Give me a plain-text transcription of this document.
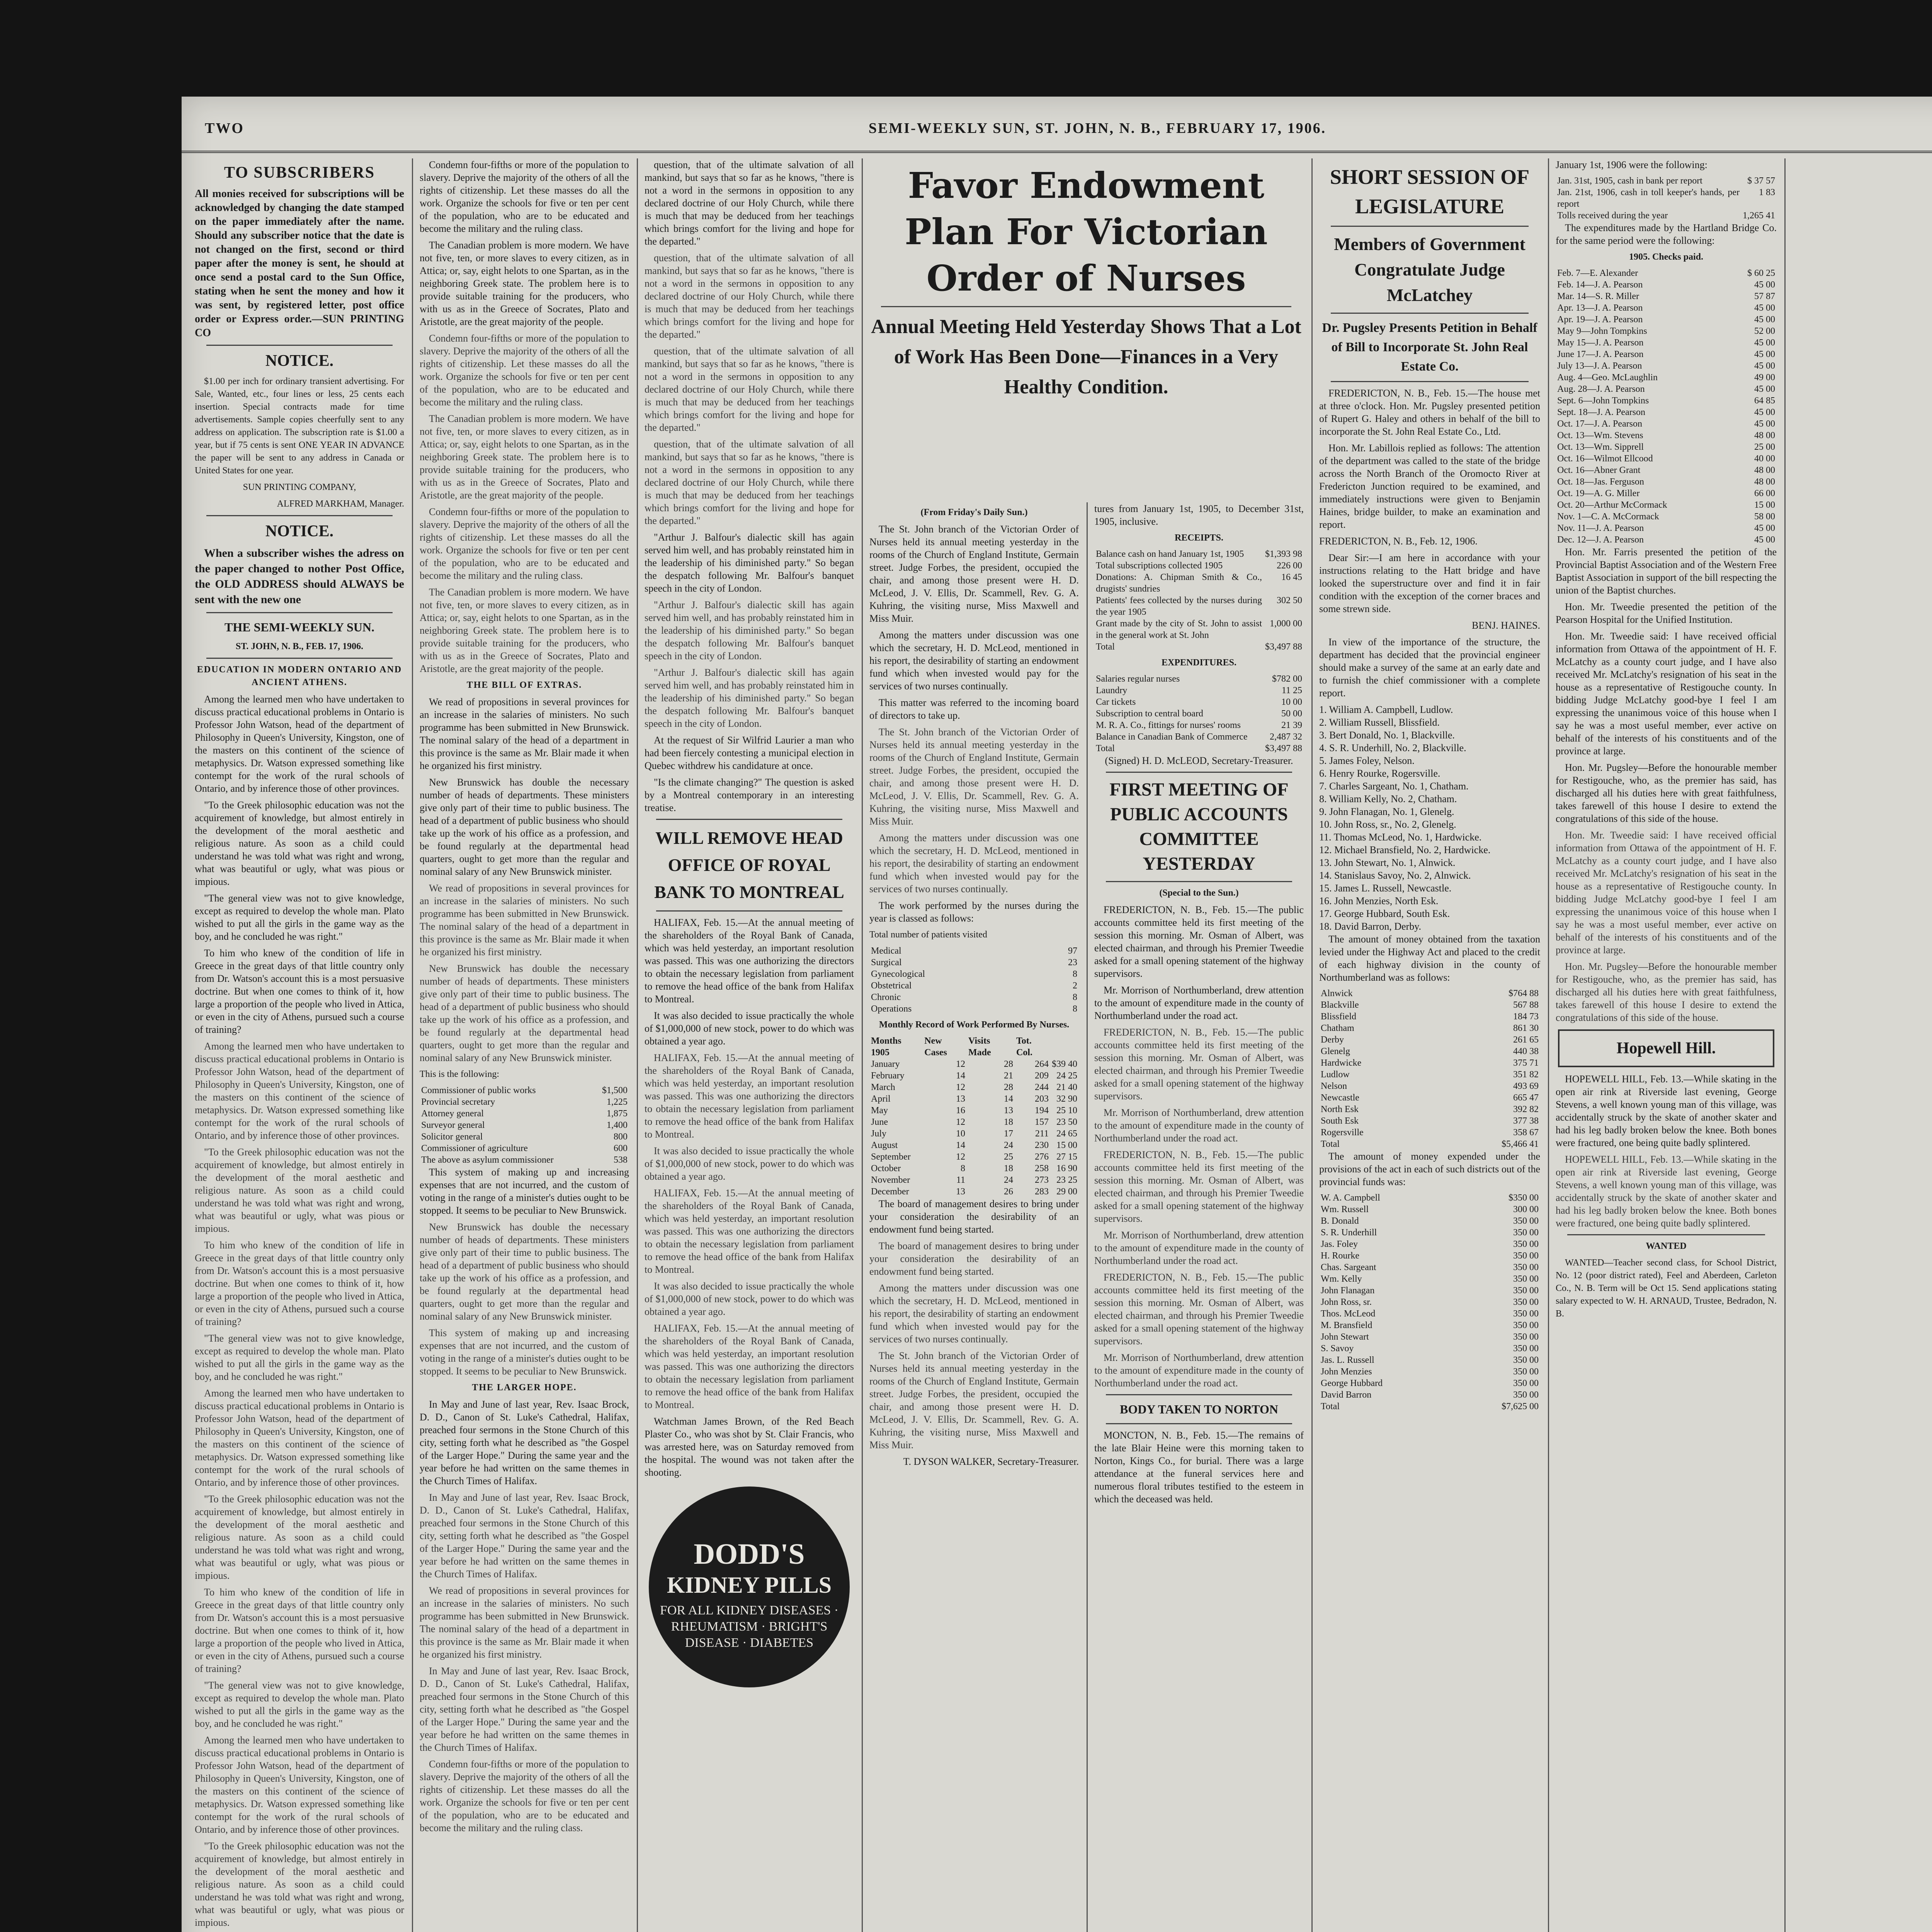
TWO	SEMI-WEEKLY SUN, ST. JOHN, N. B., FEBRUARY 17, 1906.
TO SUBSCRIBERS

All monies received for subscriptions will be acknowledged by changing the date stamped on the paper immediately after the name. Should any subscriber notice that the date is not changed on the first, second or third paper after the money is sent, he should at once send a postal card to the Sun Office, stating when he sent the money and how it was sent, by registered letter, post office order or Express order.—SUN PRINTING CO

NOTICE.

$1.00 per inch for ordinary transient advertising. For Sale, Wanted, etc., four lines or less, 25 cents each insertion. Special contracts made for time advertisements. Sample copies cheerfully sent to any address on application. The subscription rate is $1.00 a year, but if 75 cents is sent ONE YEAR IN ADVANCE the paper will be sent to any address in Canada or United States for one year.

SUN PRINTING COMPANY,

ALFRED MARKHAM, Manager.

NOTICE.

When a subscriber wishes the adress on the paper changed to nother Post Office, the OLD ADDRESS should ALWAYS be sent with the new one

THE SEMI-WEEKLY SUN.
ST. JOHN, N. B., FEB. 17, 1906.
EDUCATION IN MODERN ONTARIO AND ANCIENT ATHENS.

Among the learned men who have undertaken to discuss practical educational problems in Ontario is Professor John Watson, head of the department of Philosophy in Queen's University, Kingston, one of the masters on this continent of the science of metaphysics. Dr. Watson expressed something like contempt for the work of the rural schools of Ontario, and by inference those of other provinces.

"To the Greek philosophic education was not the acquirement of knowledge, but almost entirely in the development of the moral aesthetic and religious nature. As soon as a child could understand he was told what was right and wrong, what was beautiful or ugly, what was pious or impious.

"The general view was not to give knowledge, except as required to develop the whole man. Plato wished to put all the girls in the game way as the boy, and he concluded he was right."

To him who knew of the condition of life in Greece in the great days of that little country only from Dr. Watson's account this is a most persuasive doctrine. But when one comes to think of it, how large a proportion of the people who lived in Attica, or even in the city of Athens, pursued such a course of training?

Among the learned men who have undertaken to discuss practical educational problems in Ontario is Professor John Watson, head of the department of Philosophy in Queen's University, Kingston, one of the masters on this continent of the science of metaphysics. Dr. Watson expressed something like contempt for the work of the rural schools of Ontario, and by inference those of other provinces.

"To the Greek philosophic education was not the acquirement of knowledge, but almost entirely in the development of the moral aesthetic and religious nature. As soon as a child could understand he was told what was right and wrong, what was beautiful or ugly, what was pious or impious.

To him who knew of the condition of life in Greece in the great days of that little country only from Dr. Watson's account this is a most persuasive doctrine. But when one comes to think of it, how large a proportion of the people who lived in Attica, or even in the city of Athens, pursued such a course of training?

"The general view was not to give knowledge, except as required to develop the whole man. Plato wished to put all the girls in the game way as the boy, and he concluded he was right."

Among the learned men who have undertaken to discuss practical educational problems in Ontario is Professor John Watson, head of the department of Philosophy in Queen's University, Kingston, one of the masters on this continent of the science of metaphysics. Dr. Watson expressed something like contempt for the work of the rural schools of Ontario, and by inference those of other provinces.

"To the Greek philosophic education was not the acquirement of knowledge, but almost entirely in the development of the moral aesthetic and religious nature. As soon as a child could understand he was told what was right and wrong, what was beautiful or ugly, what was pious or impious.

To him who knew of the condition of life in Greece in the great days of that little country only from Dr. Watson's account this is a most persuasive doctrine. But when one comes to think of it, how large a proportion of the people who lived in Attica, or even in the city of Athens, pursued such a course of training?

"The general view was not to give knowledge, except as required to develop the whole man. Plato wished to put all the girls in the game way as the boy, and he concluded he was right."

Among the learned men who have undertaken to discuss practical educational problems in Ontario is Professor John Watson, head of the department of Philosophy in Queen's University, Kingston, one of the masters on this continent of the science of metaphysics. Dr. Watson expressed something like contempt for the work of the rural schools of Ontario, and by inference those of other provinces.

"To the Greek philosophic education was not the acquirement of knowledge, but almost entirely in the development of the moral aesthetic and religious nature. As soon as a child could understand he was told what was right and wrong, what was beautiful or ugly, what was pious or impious.

Condemn four-fifths or more of the population to slavery. Deprive the majority of the others of all the rights of citizenship. Let these masses do all the work. Organize the schools for five or ten per cent of the population, who are to be educated and become the military and the ruling class.

The Canadian problem is more modern. We have not five, ten, or more slaves to every citizen, as in Attica; or, say, eight helots to one Spartan, as in the neighboring Greek state. The problem here is to provide suitable training for the producers, who with us as in the Greece of Socrates, Plato and Aristotle, are the great majority of the people.

Condemn four-fifths or more of the population to slavery. Deprive the majority of the others of all the rights of citizenship. Let these masses do all the work. Organize the schools for five or ten per cent of the population, who are to be educated and become the military and the ruling class.

The Canadian problem is more modern. We have not five, ten, or more slaves to every citizen, as in Attica; or, say, eight helots to one Spartan, as in the neighboring Greek state. The problem here is to provide suitable training for the producers, who with us as in the Greece of Socrates, Plato and Aristotle, are the great majority of the people.

Condemn four-fifths or more of the population to slavery. Deprive the majority of the others of all the rights of citizenship. Let these masses do all the work. Organize the schools for five or ten per cent of the population, who are to be educated and become the military and the ruling class.

The Canadian problem is more modern. We have not five, ten, or more slaves to every citizen, as in Attica; or, say, eight helots to one Spartan, as in the neighboring Greek state. The problem here is to provide suitable training for the producers, who with us as in the Greece of Socrates, Plato and Aristotle, are the great majority of the people.

THE BILL OF EXTRAS.

We read of propositions in several provinces for an increase in the salaries of ministers. No such programme has been submitted in New Brunswick. The nominal salary of the head of a department in this province is the same as Mr. Blair made it when he organized his first ministry.

New Brunswick has double the necessary number of heads of departments. These ministers give only part of their time to public business. The head of a department of public business who should take up the work of his office as a profession, and be found regularly at the departmental head quarters, ought to get more than the regular and nominal salary of any New Brunswick minister.

We read of propositions in several provinces for an increase in the salaries of ministers. No such programme has been submitted in New Brunswick. The nominal salary of the head of a department in this province is the same as Mr. Blair made it when he organized his first ministry.

New Brunswick has double the necessary number of heads of departments. These ministers give only part of their time to public business. The head of a department of public business who should take up the work of his office as a profession, and be found regularly at the departmental head quarters, ought to get more than the regular and nominal salary of any New Brunswick minister.

This is the following:

Commissioner of public works	$1,500
Provincial secretary	1,225
Attorney general	1,875
Surveyor general	1,400
Solicitor general	800
Commissioner of agriculture	600
The above as asylum commissioner	538

This system of making up and increasing expenses that are not incurred, and the custom of voting in the range of a minister's duties ought to be stopped. It seems to be peculiar to New Brunswick.

New Brunswick has double the necessary number of heads of departments. These ministers give only part of their time to public business. The head of a department of public business who should take up the work of his office as a profession, and be found regularly at the departmental head quarters, ought to get more than the regular and nominal salary of any New Brunswick minister.

This system of making up and increasing expenses that are not incurred, and the custom of voting in the range of a minister's duties ought to be stopped. It seems to be peculiar to New Brunswick.

THE LARGER HOPE.

In May and June of last year, Rev. Isaac Brock, D. D., Canon of St. Luke's Cathedral, Halifax, preached four sermons in the Stone Church of this city, setting forth what he described as "the Gospel of the Larger Hope." During the same year and the year before he had written on the same themes in the Church Times of Halifax.

In May and June of last year, Rev. Isaac Brock, D. D., Canon of St. Luke's Cathedral, Halifax, preached four sermons in the Stone Church of this city, setting forth what he described as "the Gospel of the Larger Hope." During the same year and the year before he had written on the same themes in the Church Times of Halifax.

We read of propositions in several provinces for an increase in the salaries of ministers. No such programme has been submitted in New Brunswick. The nominal salary of the head of a department in this province is the same as Mr. Blair made it when he organized his first ministry.

In May and June of last year, Rev. Isaac Brock, D. D., Canon of St. Luke's Cathedral, Halifax, preached four sermons in the Stone Church of this city, setting forth what he described as "the Gospel of the Larger Hope." During the same year and the year before he had written on the same themes in the Church Times of Halifax.

Condemn four-fifths or more of the population to slavery. Deprive the majority of the others of all the rights of citizenship. Let these masses do all the work. Organize the schools for five or ten per cent of the population, who are to be educated and become the military and the ruling class.

question, that of the ultimate salvation of all mankind, but says that so far as he knows, "there is not a word in the sermons in opposition to any declared doctrine of our Holy Church, while there is much that may be deduced from her teachings which brings comfort for the living and hope for the departed."

question, that of the ultimate salvation of all mankind, but says that so far as he knows, "there is not a word in the sermons in opposition to any declared doctrine of our Holy Church, while there is much that may be deduced from her teachings which brings comfort for the living and hope for the departed."

question, that of the ultimate salvation of all mankind, but says that so far as he knows, "there is not a word in the sermons in opposition to any declared doctrine of our Holy Church, while there is much that may be deduced from her teachings which brings comfort for the living and hope for the departed."

question, that of the ultimate salvation of all mankind, but says that so far as he knows, "there is not a word in the sermons in opposition to any declared doctrine of our Holy Church, while there is much that may be deduced from her teachings which brings comfort for the living and hope for the departed."

"Arthur J. Balfour's dialectic skill has again served him well, and has probably reinstated him in the leadership of his diminished party." So began the despatch following Mr. Balfour's banquet speech in the city of London.

"Arthur J. Balfour's dialectic skill has again served him well, and has probably reinstated him in the leadership of his diminished party." So began the despatch following Mr. Balfour's banquet speech in the city of London.

"Arthur J. Balfour's dialectic skill has again served him well, and has probably reinstated him in the leadership of his diminished party." So began the despatch following Mr. Balfour's banquet speech in the city of London.

At the request of Sir Wilfrid Laurier a man who had been fiercely contesting a municipal election in Quebec withdrew his candidature at once.

"Is the climate changing?" The question is asked by a Montreal contemporary in an interesting treatise.

WILL REMOVE HEAD OFFICE OF ROYAL BANK TO MONTREAL

HALIFAX, Feb. 15.—At the annual meeting of the shareholders of the Royal Bank of Canada, which was held yesterday, an important resolution was passed. This was one authorizing the directors to obtain the necessary legislation from parliament to remove the head office of the bank from Halifax to Montreal.

It was also decided to issue practically the whole of $1,000,000 of new stock, power to do which was obtained a year ago.

HALIFAX, Feb. 15.—At the annual meeting of the shareholders of the Royal Bank of Canada, which was held yesterday, an important resolution was passed. This was one authorizing the directors to obtain the necessary legislation from parliament to remove the head office of the bank from Halifax to Montreal.

It was also decided to issue practically the whole of $1,000,000 of new stock, power to do which was obtained a year ago.

HALIFAX, Feb. 15.—At the annual meeting of the shareholders of the Royal Bank of Canada, which was held yesterday, an important resolution was passed. This was one authorizing the directors to obtain the necessary legislation from parliament to remove the head office of the bank from Halifax to Montreal.

It was also decided to issue practically the whole of $1,000,000 of new stock, power to do which was obtained a year ago.

HALIFAX, Feb. 15.—At the annual meeting of the shareholders of the Royal Bank of Canada, which was held yesterday, an important resolution was passed. This was one authorizing the directors to obtain the necessary legislation from parliament to remove the head office of the bank from Halifax to Montreal.

Watchman James Brown, of the Red Beach Plaster Co., who was shot by St. Clair Francis, who was arrested here, was on Saturday removed from the hospital. The wound was not taken after the shooting.

DODD'S
KIDNEY PILLS
FOR ALL KIDNEY DISEASES · RHEUMATISM · BRIGHT'S DISEASE · DIABETES
Favor Endowment Plan For Victorian Order of Nurses
Annual Meeting Held Yesterday Shows That a Lot of Work Has Been Done—Finances in a Very Healthy Condition.
(From Friday's Daily Sun.)

The St. John branch of the Victorian Order of Nurses held its annual meeting yesterday in the rooms of the Church of England Institute, Germain street. Judge Forbes, the president, occupied the chair, and among those present were H. D. McLeod, J. V. Ellis, Dr. Scammell, Rev. G. A. Kuhring, the visiting nurse, Miss Maxwell and Miss Muir.

Among the matters under discussion was one which the secretary, H. D. McLeod, mentioned in his report, the desirability of starting an endowment fund which when invested would pay for the services of two nurses continually.

This matter was referred to the incoming board of directors to take up.

The St. John branch of the Victorian Order of Nurses held its annual meeting yesterday in the rooms of the Church of England Institute, Germain street. Judge Forbes, the president, occupied the chair, and among those present were H. D. McLeod, J. V. Ellis, Dr. Scammell, Rev. G. A. Kuhring, the visiting nurse, Miss Maxwell and Miss Muir.

Among the matters under discussion was one which the secretary, H. D. McLeod, mentioned in his report, the desirability of starting an endowment fund which when invested would pay for the services of two nurses continually.

The work performed by the nurses during the year is classed as follows:

Total number of patients visited

Medical	97
Surgical	23
Gynecological	8
Obstetrical	2
Chronic	8
Operations	8
Monthly Record of Work Performed By Nurses.
Months 1905	New Cases	Visits Made	Tot. Col.	
January	12	28	264	$39 40
February	14	21	209	24 25
March	12	28	244	21 40
April	13	14	203	32 90
May	16	13	194	25 10
June	12	18	157	23 50
July	10	17	211	24 65
August	14	24	230	15 00
September	12	25	276	27 15
October	8	18	258	16 90
November	11	24	273	23 25
December	13	26	283	29 00

The board of management desires to bring under your consideration the desirability of an endowment fund being started.

The board of management desires to bring under your consideration the desirability of an endowment fund being started.

Among the matters under discussion was one which the secretary, H. D. McLeod, mentioned in his report, the desirability of starting an endowment fund which when invested would pay for the services of two nurses continually.

The St. John branch of the Victorian Order of Nurses held its annual meeting yesterday in the rooms of the Church of England Institute, Germain street. Judge Forbes, the president, occupied the chair, and among those present were H. D. McLeod, J. V. Ellis, Dr. Scammell, Rev. G. A. Kuhring, the visiting nurse, Miss Maxwell and Miss Muir.

T. DYSON WALKER, Secretary-Treasurer.

tures from January 1st, 1905, to December 31st, 1905, inclusive.

RECEIPTS.
Balance cash on hand January 1st, 1905	$1,393 98
Total subscriptions collected 1905	226 00
Donations: A. Chipman Smith & Co., drugists' sundries	16 45
Patients' fees collected by the nurses during the year 1905	302 50
Grant made by the city of St. John to assist in the general work at St. John	1,000 00
Total	$3,497 88
EXPENDITURES.
Salaries regular nurses	$782 00
Laundry	11 25
Car tickets	10 00
Subscription to central board	50 00
M. R. A. Co., fittings for nurses' rooms	21 39
Balance in Canadian Bank of Commerce	2,487 32
Total	$3,497 88

(Signed) H. D. McLEOD, Secretary-Treasurer.

FIRST MEETING OF PUBLIC ACCOUNTS COMMITTEE YESTERDAY
(Special to the Sun.)

FREDERICTON, N. B., Feb. 15.—The public accounts committee held its first meeting of the session this morning. Mr. Osman of Albert, was elected chairman, and through his Premier Tweedie asked for a small opening statement of the highway supervisors.

Mr. Morrison of Northumberland, drew attention to the amount of expenditure made in the county of Northumberland under the road act.

FREDERICTON, N. B., Feb. 15.—The public accounts committee held its first meeting of the session this morning. Mr. Osman of Albert, was elected chairman, and through his Premier Tweedie asked for a small opening statement of the highway supervisors.

Mr. Morrison of Northumberland, drew attention to the amount of expenditure made in the county of Northumberland under the road act.

FREDERICTON, N. B., Feb. 15.—The public accounts committee held its first meeting of the session this morning. Mr. Osman of Albert, was elected chairman, and through his Premier Tweedie asked for a small opening statement of the highway supervisors.

Mr. Morrison of Northumberland, drew attention to the amount of expenditure made in the county of Northumberland under the road act.

FREDERICTON, N. B., Feb. 15.—The public accounts committee held its first meeting of the session this morning. Mr. Osman of Albert, was elected chairman, and through his Premier Tweedie asked for a small opening statement of the highway supervisors.

Mr. Morrison of Northumberland, drew attention to the amount of expenditure made in the county of Northumberland under the road act.

BODY TAKEN TO NORTON

MONCTON, N. B., Feb. 15.—The remains of the late Blair Heine were this morning taken to Norton, Kings Co., for burial. There was a large attendance at the funeral services here and numerous floral tributes testified to the esteem in which the deceased was held.

SHORT SESSION OF LEGISLATURE
Members of Government Congratulate Judge McLatchey
Dr. Pugsley Presents Petition in Behalf of Bill to Incorporate St. John Real Estate Co.

FREDERICTON, N. B., Feb. 15.—The house met at three o'clock. Hon. Mr. Pugsley presented petition of Rupert G. Haley and others in behalf of the bill to incorporate the St. John Real Estate Co., Ltd.

Hon. Mr. Labillois replied as follows: The attention of the department was called to the state of the bridge across the North Branch of the Oromocto River at Fredericton Junction required to be examined, and immediately instructions were given to Benjamin Haines, bridge builder, to make an examination and report.

FREDERICTON, N. B., Feb. 12, 1906.

Dear Sir:—I am here in accordance with your instructions relating to the Hatt bridge and have looked the superstructure over and find it in fair condition with the exception of the corner braces and some strewn side.

BENJ. HAINES.

In view of the importance of the structure, the department has decided that the provincial engineer should make a survey of the same at an early date and to furnish the chief commissioner with a complete report.

1. William A. Campbell, Ludlow.
2. William Russell, Blissfield.
3. Bert Donald, No. 1, Blackville.
4. S. R. Underhill, No. 2, Blackville.
5. James Foley, Nelson.
6. Henry Rourke, Rogersville.
7. Charles Sargeant, No. 1, Chatham.
8. William Kelly, No. 2, Chatham.
9. John Flanagan, No. 1, Glenelg.
10. John Ross, sr., No. 2, Glenelg.
11. Thomas McLeod, No. 1, Hardwicke.
12. Michael Bransfield, No. 2, Hardwicke.
13. John Stewart, No. 1, Alnwick.
14. Stanislaus Savoy, No. 2, Alnwick.
15. James L. Russell, Newcastle.
16. John Menzies, North Esk.
17. George Hubbard, South Esk.
18. David Barron, Derby.

The amount of money obtained from the taxation levied under the Highway Act and placed to the credit of each highway division in the county of Northumberland was as follows:

Alnwick	$764 88
Blackville	567 88
Blissfield	184 73
Chatham	861 30
Derby	261 65
Glenelg	440 38
Hardwicke	375 71
Ludlow	351 82
Nelson	493 69
Newcastle	665 47
North Esk	392 82
South Esk	377 38
Rogersville	358 67
Total	$5,466 41

The amount of money expended under the provisions of the act in each of such districts out of the provincial funds was:

W. A. Campbell	$350 00
Wm. Russell	300 00
B. Donald	350 00
S. R. Underhill	350 00
Jas. Foley	350 00
H. Rourke	350 00
Chas. Sargeant	350 00
Wm. Kelly	350 00
John Flanagan	350 00
John Ross, sr.	350 00
Thos. McLeod	350 00
M. Bransfield	350 00
John Stewart	350 00
S. Savoy	350 00
Jas. L. Russell	350 00
John Menzies	350 00
George Hubbard	350 00
David Barron	350 00
Total	$7,625 00

January 1st, 1906 were the following:

Jan. 31st, 1905, cash in bank per report	$ 37 57
Jan. 21st, 1906, cash in toll keeper's hands, per report	1 83
Tolls received during the year	1,265 41

The expenditures made by the Hartland Bridge Co. for the same period were the following:

1905. Checks paid.
Feb. 7—E. Alexander	$ 60 25
Feb. 14—J. A. Pearson	45 00
Mar. 14—S. R. Miller	57 87
Apr. 13—J. A. Pearson	45 00
Apr. 19—J. A. Pearson	45 00
May 9—John Tompkins	52 00
May 15—J. A. Pearson	45 00
June 17—J. A. Pearson	45 00
July 13—J. A. Pearson	45 00
Aug. 4—Geo. McLaughlin	49 00
Aug. 28—J. A. Pearson	45 00
Sept. 6—John Tompkins	64 85
Sept. 18—J. A. Pearson	45 00
Oct. 17—J. A. Pearson	45 00
Oct. 13—Wm. Stevens	48 00
Oct. 13—Wm. Sipprell	25 00
Oct. 16—Wilmot Ellcood	40 00
Oct. 16—Abner Grant	48 00
Oct. 18—Jas. Ferguson	48 00
Oct. 19—A. G. Miller	66 00
Oct. 20—Arthur McCormack	15 00
Nov. 1—C. A. McCormack	58 00
Nov. 11—J. A. Pearson	45 00
Dec. 12—J. A. Pearson	45 00

Hon. Mr. Farris presented the petition of the Provincial Baptist Association and of the Western Free Baptist Association in support of the bill respecting the union of the Baptist churches.

Hon. Mr. Tweedie presented the petition of the Pearson Hospital for the Unified Institution.

Hon. Mr. Tweedie said: I have received official information from Ottawa of the appointment of H. F. McLatchy as a county court judge, and I have also received Mr. McLatchy's resignation of his seat in the house as a representative of Restigouche county. In bidding Judge McLatchy good-bye I feel I am expressing the unanimous voice of this house when I say he was a most useful member, ever active on behalf of the interests of his constituents and of the province at large.

Hon. Mr. Pugsley—Before the honourable member for Restigouche, who, as the premier has said, has discharged all his duties here with great faithfulness, takes farewell of this house I desire to extend the congratulations of this side of the house.

Hon. Mr. Tweedie said: I have received official information from Ottawa of the appointment of H. F. McLatchy as a county court judge, and I have also received Mr. McLatchy's resignation of his seat in the house as a representative of Restigouche county. In bidding Judge McLatchy good-bye I feel I am expressing the unanimous voice of this house when I say he was a most useful member, ever active on behalf of the interests of his constituents and of the province at large.

Hon. Mr. Pugsley—Before the honourable member for Restigouche, who, as the premier has said, has discharged all his duties here with great faithfulness, takes farewell of this house I desire to extend the congratulations of this side of the house.

Hopewell Hill.

HOPEWELL HILL, Feb. 13.—While skating in the open air rink at Riverside last evening, George Stevens, a well known young man of this village, was accidentally struck by the skate of another skater and had his leg badly broken below the knee. Both bones were fractured, one being quite badly splintered.

HOPEWELL HILL, Feb. 13.—While skating in the open air rink at Riverside last evening, George Stevens, a well known young man of this village, was accidentally struck by the skate of another skater and had his leg badly broken below the knee. Both bones were fractured, one being quite badly splintered.

WANTED

WANTED—Teacher second class, for School District, No. 12 (poor district rated), Feel and Aberdeen, Carleton Co., N. B. Term will be Oct 15. Send applications stating salary expected to W. H. ARNAUD, Trustee, Bedradon, N. B.
